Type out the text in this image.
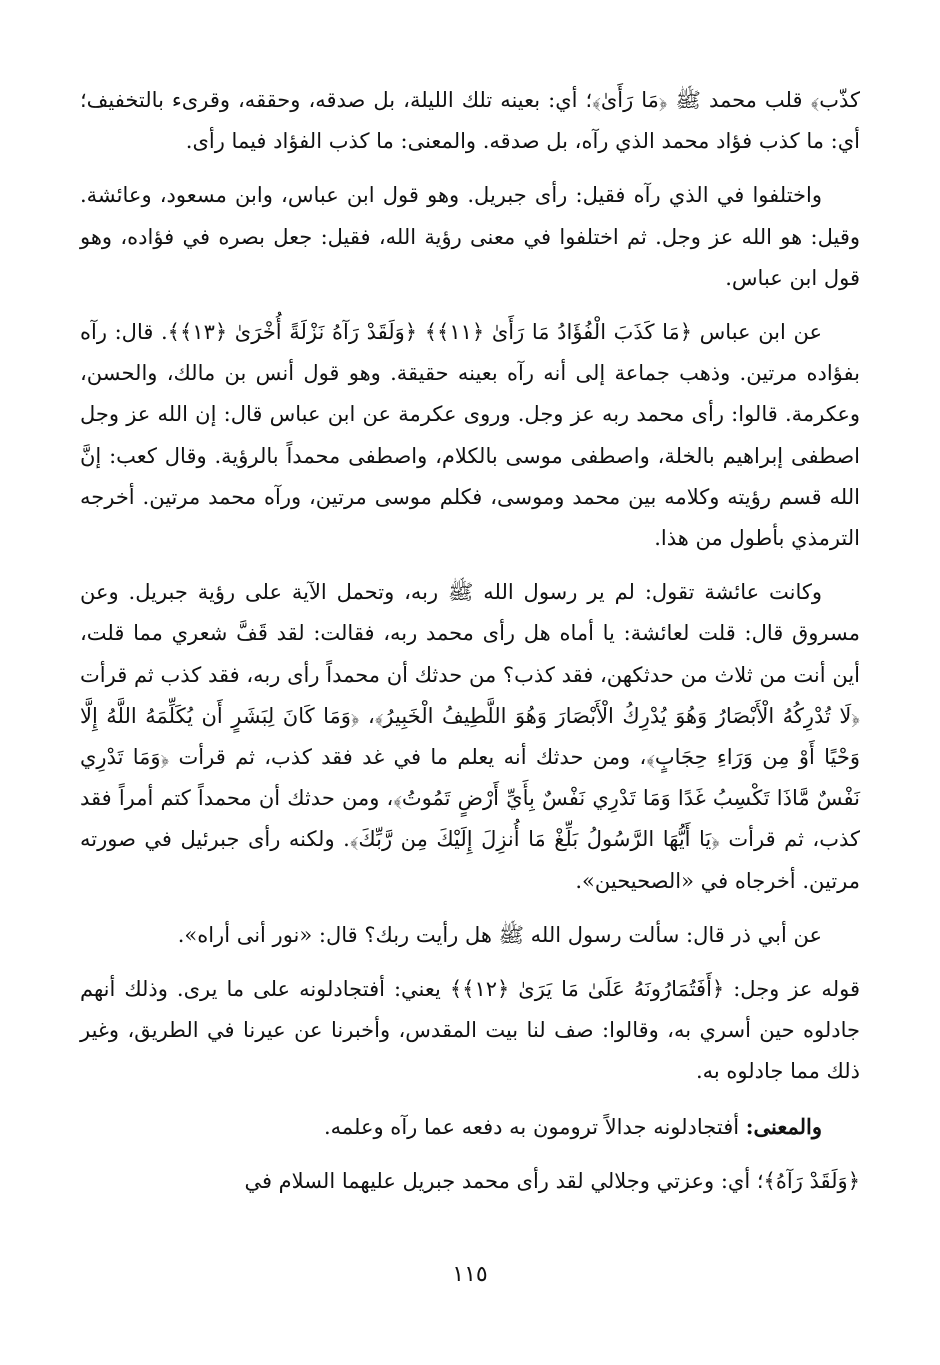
كذّب﴾ قلب محمد ﷺ ﴿مَا رَأَىٰ﴾؛ أي: بعينه تلك الليلة، بل صدقه، وحققه، وقرىء بالتخفيف؛ أي: ما كذب فؤاد محمد الذي رآه، بل صدقه. والمعنى: ما كذب الفؤاد فيما رأى.

واختلفوا في الذي رآه فقيل: رأى جبريل. وهو قول ابن عباس، وابن مسعود، وعائشة. وقيل: هو الله عز وجل. ثم اختلفوا في معنى رؤية الله، فقيل: جعل بصره في فؤاده، وهو قول ابن عباس.

عن ابن عباس ﴿مَا كَذَبَ الْفُؤَادُ مَا رَأَىٰ ﴿١١﴾﴾ ﴿وَلَقَدْ رَآهُ نَزْلَةً أُخْرَىٰ ﴿١٣﴾﴾. قال: رآه بفؤاده مرتين. وذهب جماعة إلى أنه رآه بعينه حقيقة. وهو قول أنس بن مالك، والحسن، وعكرمة. قالوا: رأى محمد ربه عز وجل. وروى عكرمة عن ابن عباس قال: إن الله عز وجل اصطفى إبراهيم بالخلة، واصطفى موسى بالكلام، واصطفى محمداً بالرؤية. وقال كعب: إنَّ الله قسم رؤيته وكلامه بين محمد وموسى، فكلم موسى مرتين، ورآه محمد مرتين. أخرجه الترمذي بأطول من هذا.

وكانت عائشة تقول: لم ير رسول الله ﷺ ربه، وتحمل الآية على رؤية جبريل. وعن مسروق قال: قلت لعائشة: يا أماه هل رأى محمد ربه، فقالت: لقد قَفَّ شعري مما قلت، أين أنت من ثلاث من حدثكهن، فقد كذب؟ من حدثك أن محمداً رأى ربه، فقد كذب ثم قرأت ﴿لَا تُدْرِكُهُ الْأَبْصَارُ وَهُوَ يُدْرِكُ الْأَبْصَارَ وَهُوَ اللَّطِيفُ الْخَبِيرُ﴾، ﴿وَمَا كَانَ لِبَشَرٍ أَن يُكَلِّمَهُ اللَّهُ إِلَّا وَحْيًا أَوْ مِن وَرَاءِ حِجَابٍ﴾، ومن حدثك أنه يعلم ما في غد فقد كذب، ثم قرأت ﴿وَمَا تَدْرِي نَفْسٌ مَّاذَا تَكْسِبُ غَدًا وَمَا تَدْرِي نَفْسٌ بِأَيِّ أَرْضٍ تَمُوتُ﴾، ومن حدثك أن محمداً كتم أمراً فقد كذب، ثم قرأت ﴿يَا أَيُّهَا الرَّسُولُ بَلِّغْ مَا أُنزِلَ إِلَيْكَ مِن رَّبِّكَ﴾. ولكنه رأى جبرئيل في صورته مرتين. أخرجاه في «الصحيحين».

عن أبي ذر قال: سألت رسول الله ﷺ هل رأيت ربك؟ قال: «نور أنى أراه».

قوله عز وجل: ﴿أَفَتُمَارُونَهُ عَلَىٰ مَا يَرَىٰ ﴿١٢﴾﴾ يعني: أفتجادلونه على ما يرى. وذلك أنهم جادلوه حين أسري به، وقالوا: صف لنا بيت المقدس، وأخبرنا عن عيرنا في الطريق، وغير ذلك مما جادلوه به.

والمعنى: أفتجادلونه جدالاً ترومون به دفعه عما رآه وعلمه.

﴿وَلَقَدْ رَآهُ﴾؛ أي: وعزتي وجلالي لقد رأى محمد جبريل عليهما السلام في

١١٥
